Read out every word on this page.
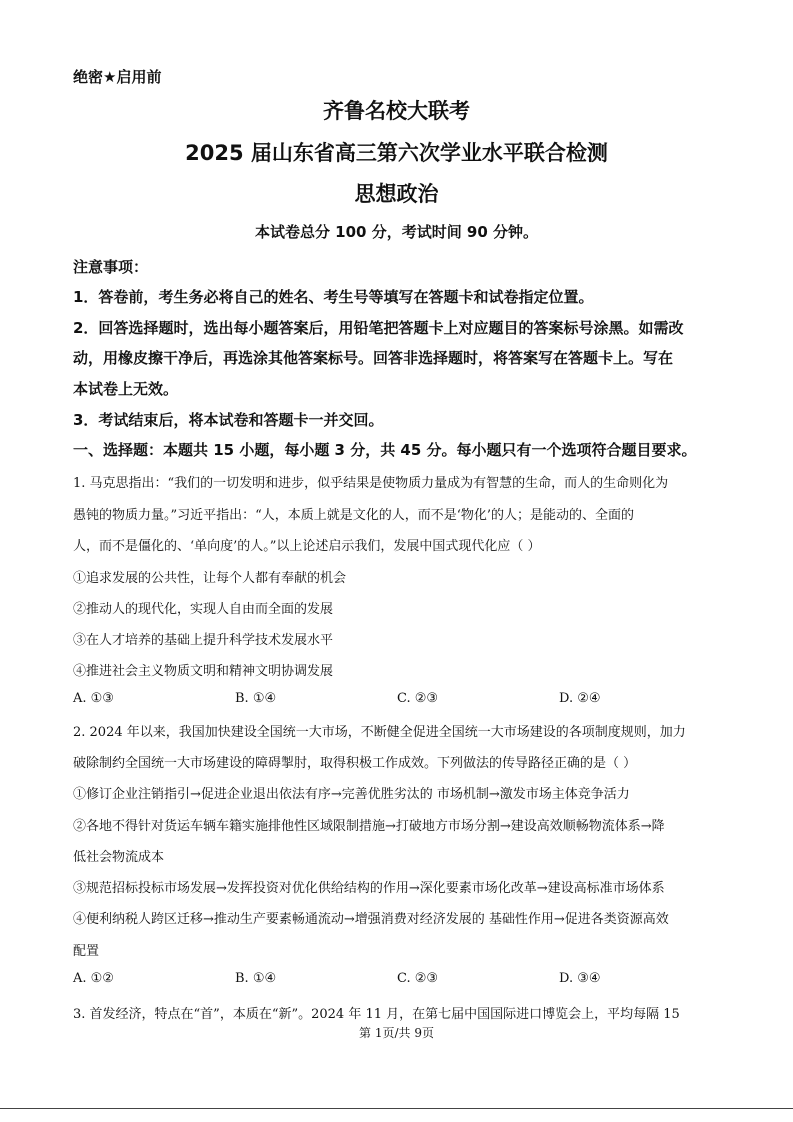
绝密★启用前
齐鲁名校大联考
2025 届山东省高三第六次学业水平联合检测
思想政治
本试卷总分 100 分，考试时间 90 分钟。
注意事项：
1．答卷前，考生务必将自己的姓名、考生号等填写在答题卡和试卷指定位置。
2．回答选择题时，选出每小题答案后，用铅笔把答题卡上对应题目的答案标号涂黑。如需改
动，用橡皮擦干净后，再选涂其他答案标号。回答非选择题时，将答案写在答题卡上。写在
本试卷上无效。
3．考试结束后，将本试卷和答题卡一并交回。
一、选择题：本题共 15 小题，每小题 3 分，共 45 分。每小题只有一个选项符合题目要求。
1. 马克思指出：“我们的一切发明和进步，似乎结果是使物质力量成为有智慧的生命，而人的生命则化为
愚钝的物质力量。”习近平指出：“人，本质上就是文化的人，而不是‘物化’的人；是能动的、全面的
人，而不是僵化的、‘单向度’的人。”以上论述启示我们，发展中国式现代化应（ ）
①追求发展的公共性，让每个人都有奉献的机会
②推动人的现代化，实现人自由而全面的发展
③在人才培养的基础上提升科学技术发展水平
④推进社会主义物质文明和精神文明协调发展
A. ①③	B. ①④	C. ②③	D. ②④
2. 2024 年以来，我国加快建设全国统一大市场，不断健全促进全国统一大市场建设的各项制度规则，加力
破除制约全国统一大市场建设的障碍掣肘，取得积极工作成效。下列做法的传导路径正确的是（ ）
①修订企业注销指引→促进企业退出依法有序→完善优胜劣汰的 市场机制→激发市场主体竞争活力
②各地不得针对货运车辆车籍实施排他性区域限制措施→打破地方市场分割→建设高效顺畅物流体系→降
低社会物流成本
③规范招标投标市场发展→发挥投资对优化供给结构的作用→深化要素市场化改革→建设高标准市场体系
④便利纳税人跨区迁移→推动生产要素畅通流动→增强消费对经济发展的 基础性作用→促进各类资源高效
配置
A. ①②	B. ①④	C. ②③	D. ③④
3. 首发经济，特点在“首”，本质在“新”。2024 年 11 月，在第七届中国国际进口博览会上，平均每隔 15
第 1页/共 9页
